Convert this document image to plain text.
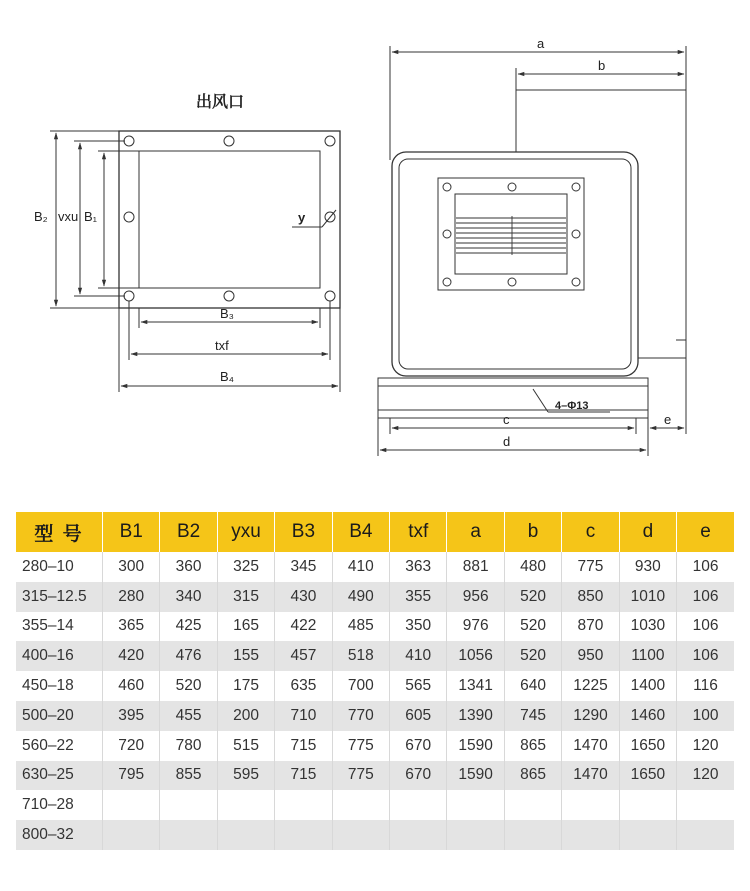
出风口
B₂ vxu B₁	y
B₃
txf
B₄
a
b
4–Φ13
c
d
e
型 号	B1	B2	yxu	B3	B4	txf	a	b	c	d	e
280–10	300	360	325	345	410	363	881	480	775	930	106
315–12.5	280	340	315	430	490	355	956	520	850	1010	106
355–14	365	425	165	422	485	350	976	520	870	1030	106
400–16	420	476	155	457	518	410	1056	520	950	1100	106
450–18	460	520	175	635	700	565	1341	640	1225	1400	116
500–20	395	455	200	710	770	605	1390	745	1290	1460	100
560–22	720	780	515	715	775	670	1590	865	1470	1650	120
630–25	795	855	595	715	775	670	1590	865	1470	1650	120
710–28											
800–32											
